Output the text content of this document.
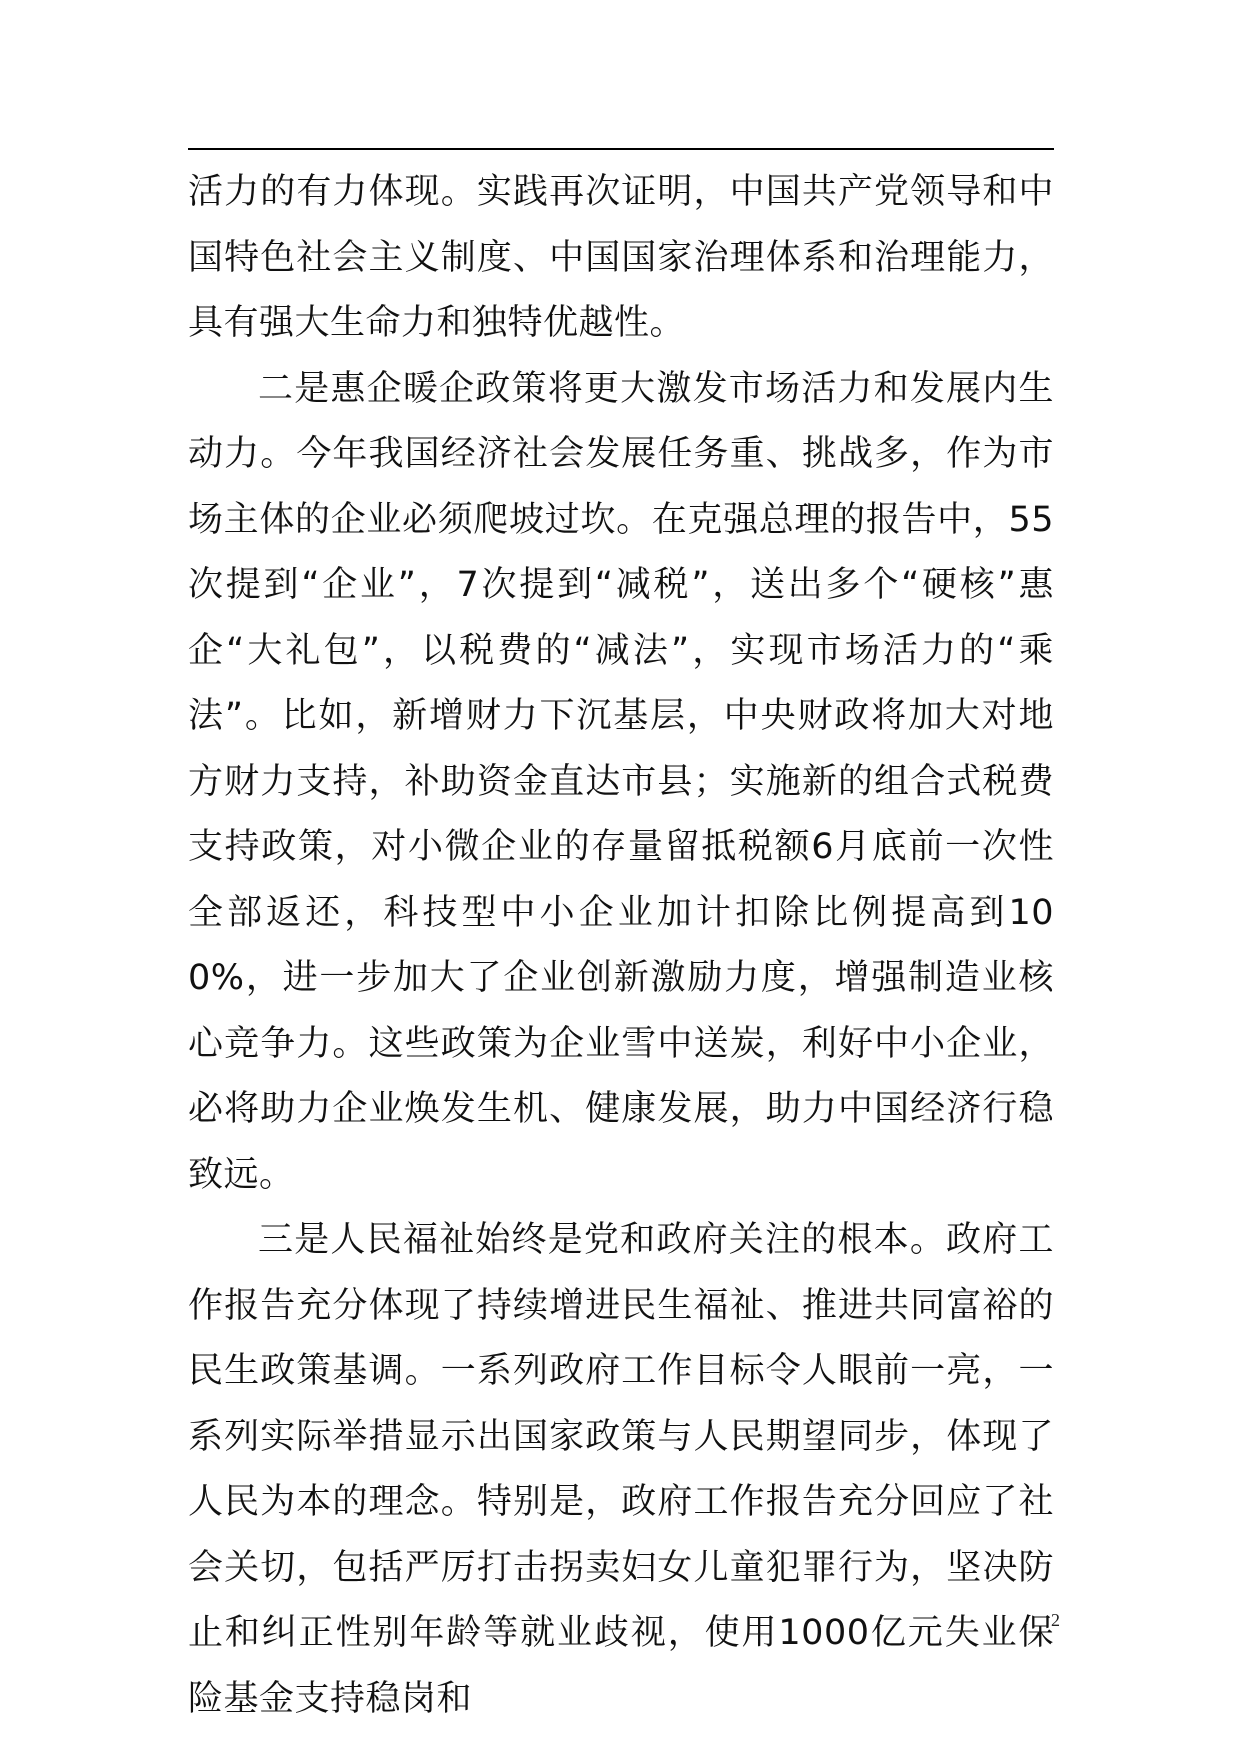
活力的有力体现。实践再次证明，中国共产党领导和中国特色社会主义制度、中国国家治理体系和治理能力，具有强大生命力和独特优越性。

二是惠企暖企政策将更大激发市场活力和发展内生动力。今年我国经济社会发展任务重、挑战多，作为市场主体的企业必须爬坡过坎。在克强总理的报告中，55次提到“企业”，7次提到“减税”，送出多个“硬核”惠企“大礼包”，以税费的“减法”，实现市场活力的“乘法”。比如，新增财力下沉基层，中央财政将加大对地方财力支持，补助资金直达市县；实施新的组合式税费支持政策，对小微企业的存量留抵税额6月底前一次性全部返还，科技型中小企业加计扣除比例提高到100%，进一步加大了企业创新激励力度，增强制造业核心竞争力。这些政策为企业雪中送炭，利好中小企业，必将助力企业焕发生机、健康发展，助力中国经济行稳致远。

三是人民福祉始终是党和政府关注的根本。政府工作报告充分体现了持续增进民生福祉、推进共同富裕的民生政策基调。一系列政府工作目标令人眼前一亮，一系列实际举措显示出国家政策与人民期望同步，体现了人民为本的理念。特别是，政府工作报告充分回应了社会关切，包括严厉打击拐卖妇女儿童犯罪行为，坚决防止和纠正性别年龄等就业歧视，使用1000亿元失业保险基金支持稳岗和

2
